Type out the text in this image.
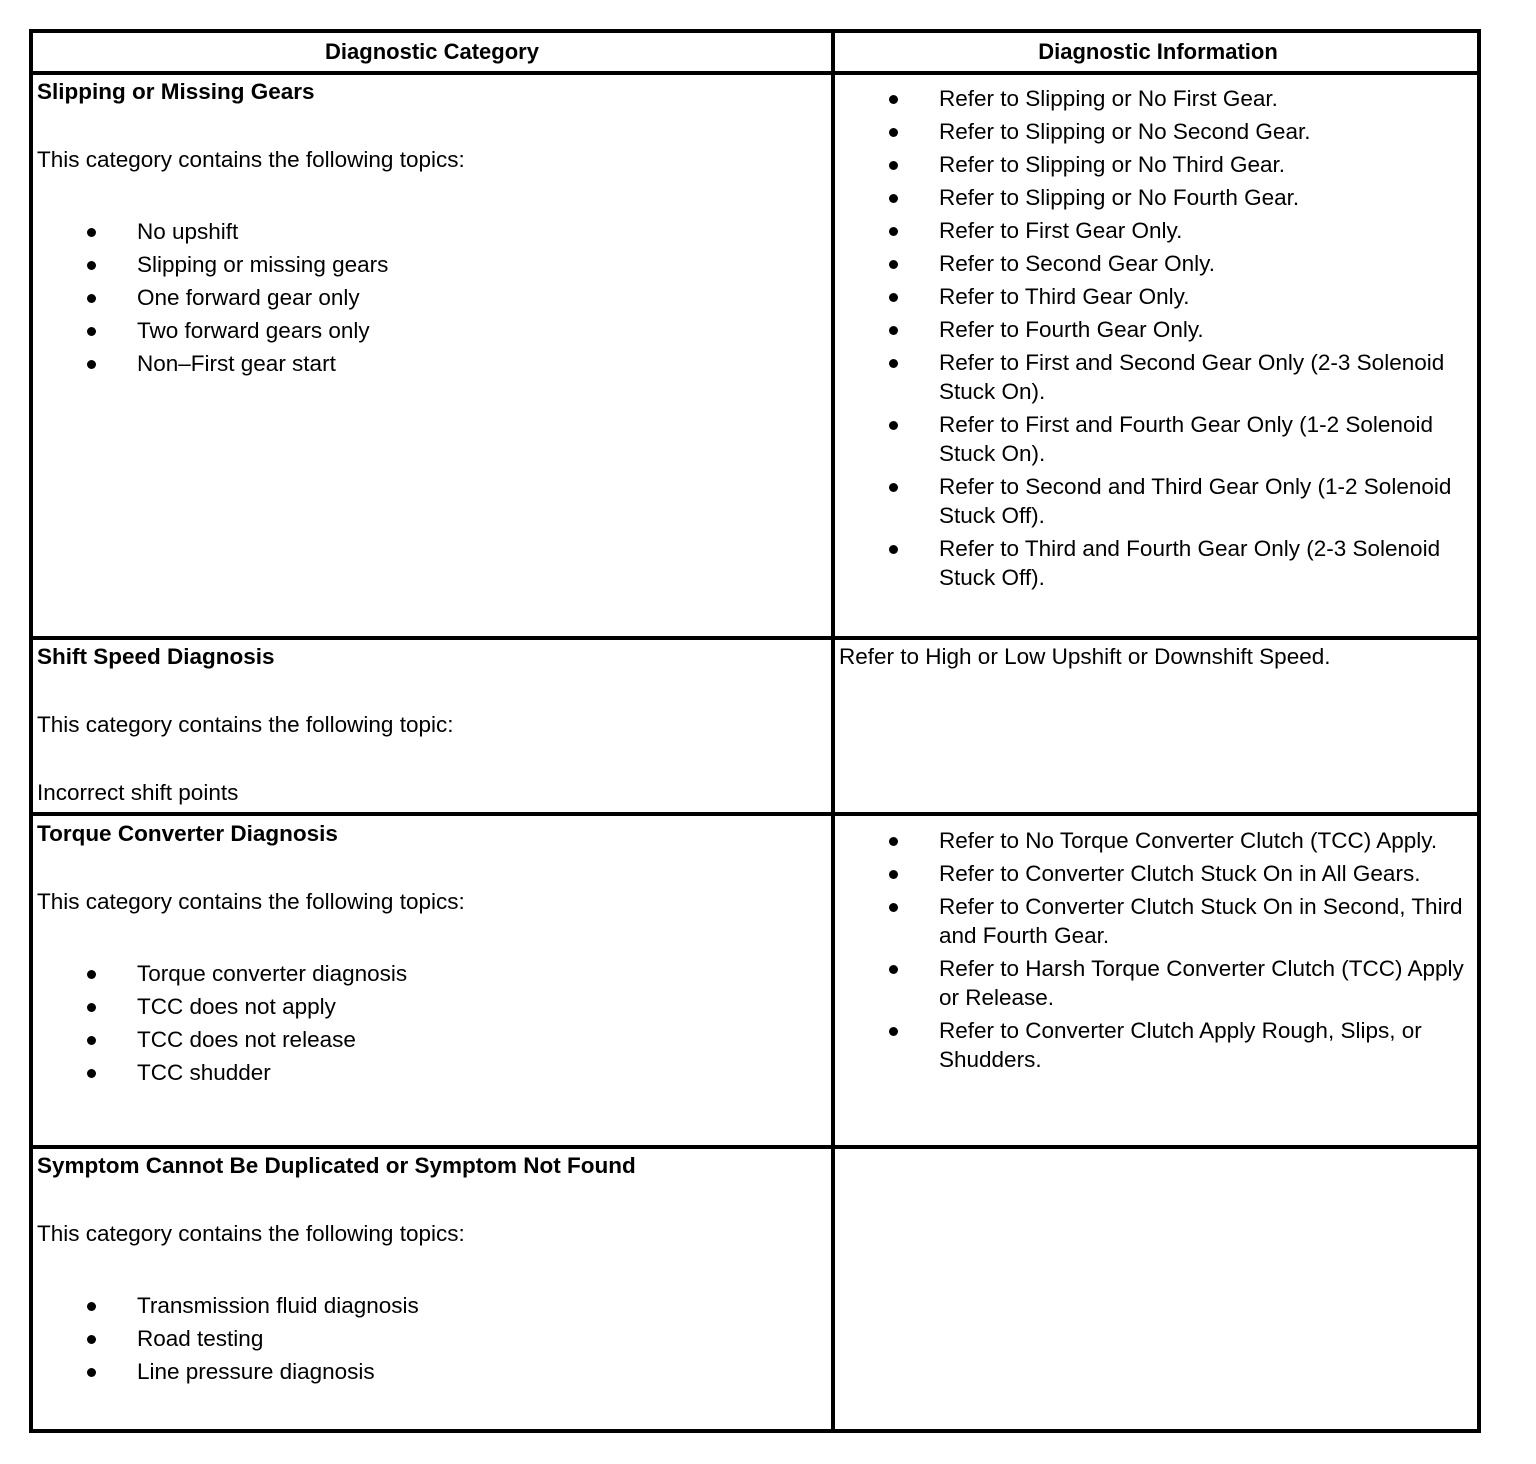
Diagnostic Category	Diagnostic Information
Slipping or Missing Gears
This category contains the following topics:
No upshift
Slipping or missing gears
One forward gear only
Two forward gears only
Non–First gear start
Refer to Slipping or No First Gear.
Refer to Slipping or No Second Gear.
Refer to Slipping or No Third Gear.
Refer to Slipping or No Fourth Gear.
Refer to First Gear Only.
Refer to Second Gear Only.
Refer to Third Gear Only.
Refer to Fourth Gear Only.
Refer to First and Second Gear Only (2-3 Solenoid Stuck On).
Refer to First and Fourth Gear Only (1-2 Solenoid Stuck On).
Refer to Second and Third Gear Only (1-2 Solenoid Stuck Off).
Refer to Third and Fourth Gear Only (2-3 Solenoid Stuck Off).
Shift Speed Diagnosis
This category contains the following topic:
Incorrect shift points
Refer to High or Low Upshift or Downshift Speed.
Torque Converter Diagnosis
This category contains the following topics:
Torque converter diagnosis
TCC does not apply
TCC does not release
TCC shudder
Refer to No Torque Converter Clutch (TCC) Apply.
Refer to Converter Clutch Stuck On in All Gears.
Refer to Converter Clutch Stuck On in Second, Third and Fourth Gear.
Refer to Harsh Torque Converter Clutch (TCC) Apply or Release.
Refer to Converter Clutch Apply Rough, Slips, or Shudders.
Symptom Cannot Be Duplicated or Symptom Not Found
This category contains the following topics:
Transmission fluid diagnosis
Road testing
Line pressure diagnosis
